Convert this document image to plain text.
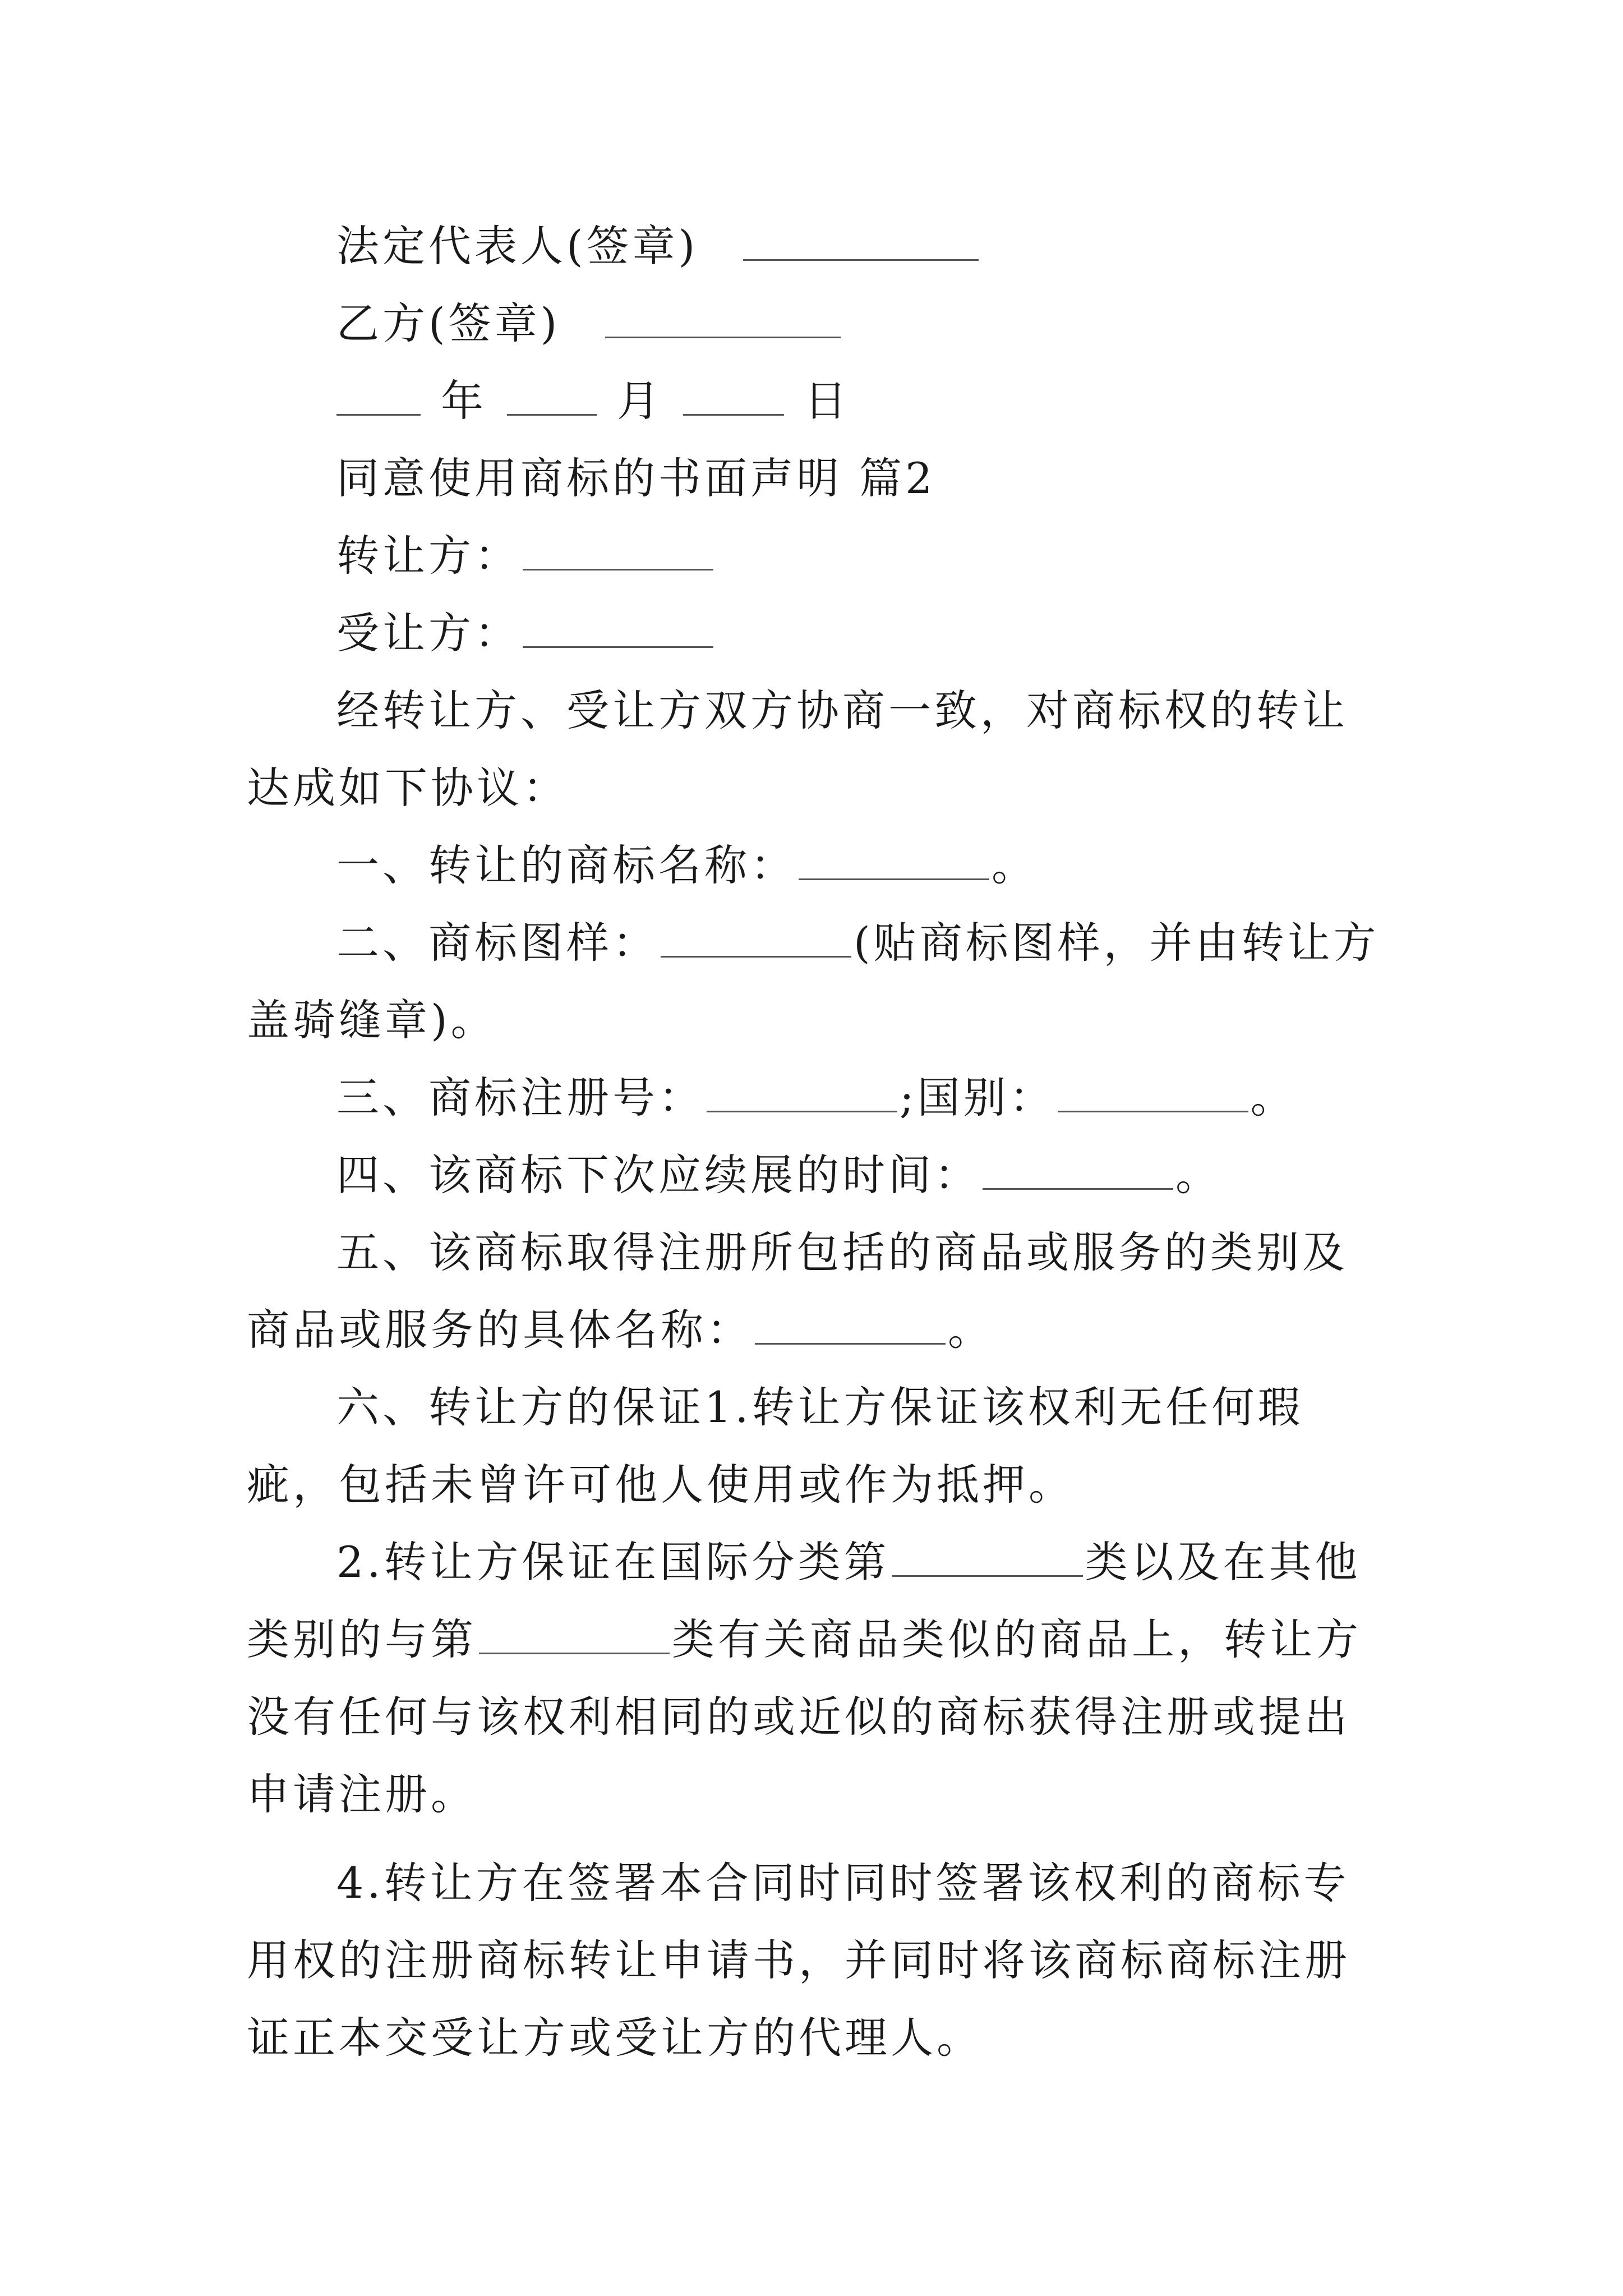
法定代表人(签章)

乙方(签章)

年	月	日

同意使用商标的书面声明 篇2

转让方：

受让方：

经转让方、受让方双方协商一致，对商标权的转让达成如下协议：

一、转让的商标名称：	。

二、商标图样：	(贴商标图样，并由转让方盖骑缝章)。

三、商标注册号：	;国别：	。

四、该商标下次应续展的时间：	。

五、该商标取得注册所包括的商品或服务的类别及商品或服务的具体名称：	。

六、转让方的保证1.转让方保证该权利无任何瑕疵，包括未曾许可他人使用或作为抵押。

2.转让方保证在国际分类第	类以及在其他类别的与第	类有关商品类似的商品上，转让方没有任何与该权利相同的或近似的商标获得注册或提出申请注册。

4.转让方在签署本合同时同时签署该权利的商标专用权的注册商标转让申请书，并同时将该商标商标注册证正本交受让方或受让方的代理人。
